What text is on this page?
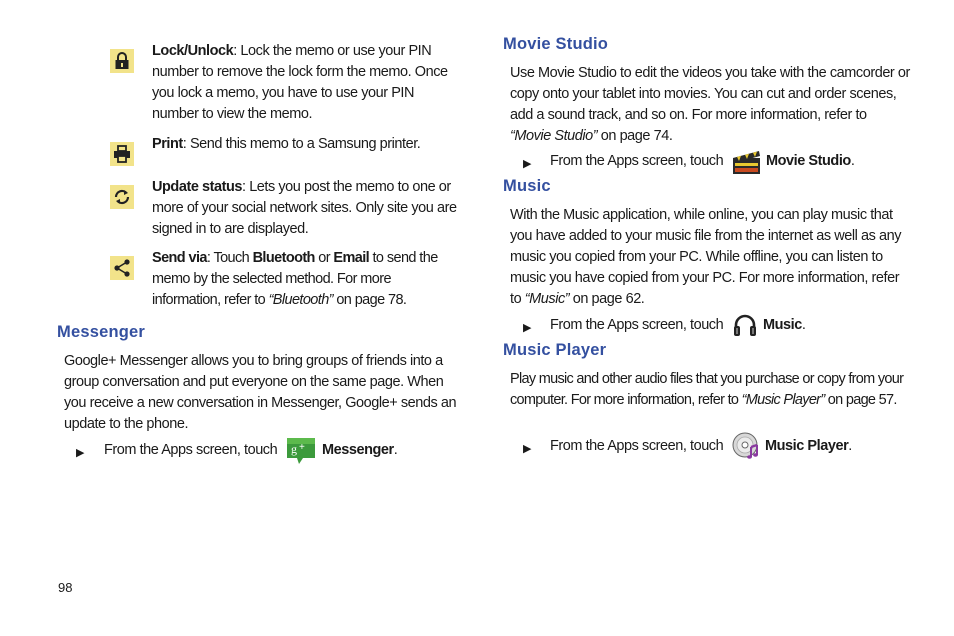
Lock/Unlock: Lock the memo or use your PIN number to remove the lock form the memo. Once you lock a memo, you have to use your PIN number to view the memo.
Print: Send this memo to a Samsung printer.
Update status: Lets you post the memo to one or more of your social network sites. Only site you are signed in to are displayed.
Send via: Touch Bluetooth or Email to send the memo by the selected method. For more information, refer to “Bluetooth” on page 78.
Messenger
Google+ Messenger allows you to bring groups of friends into a group conversation and put everyone on the same page. When you receive a new conversation in Messenger, Google+ sends an update to the phone.
▶ From the Apps screen, touch g + Messenger.
Movie Studio
Use Movie Studio to edit the videos you take with the camcorder or copy onto your tablet into movies. You can cut and order scenes, add a sound track, and so on. For more information, refer to “Movie Studio” on page 74.
▶ From the Apps screen, touch	Movie Studio.
Music
With the Music application, while online, you can play music that you have added to your music file from the internet as well as any music you copied from your PC. While offline, you can listen to music you have copied from your PC. For more information, refer to “Music” on page 62.
▶ From the Apps screen, touch	Music.
Music Player
Play music and other audio files that you purchase or copy from your computer. For more information, refer to “Music Player” on page 57.
▶ From the Apps screen, touch	Music Player.
98
